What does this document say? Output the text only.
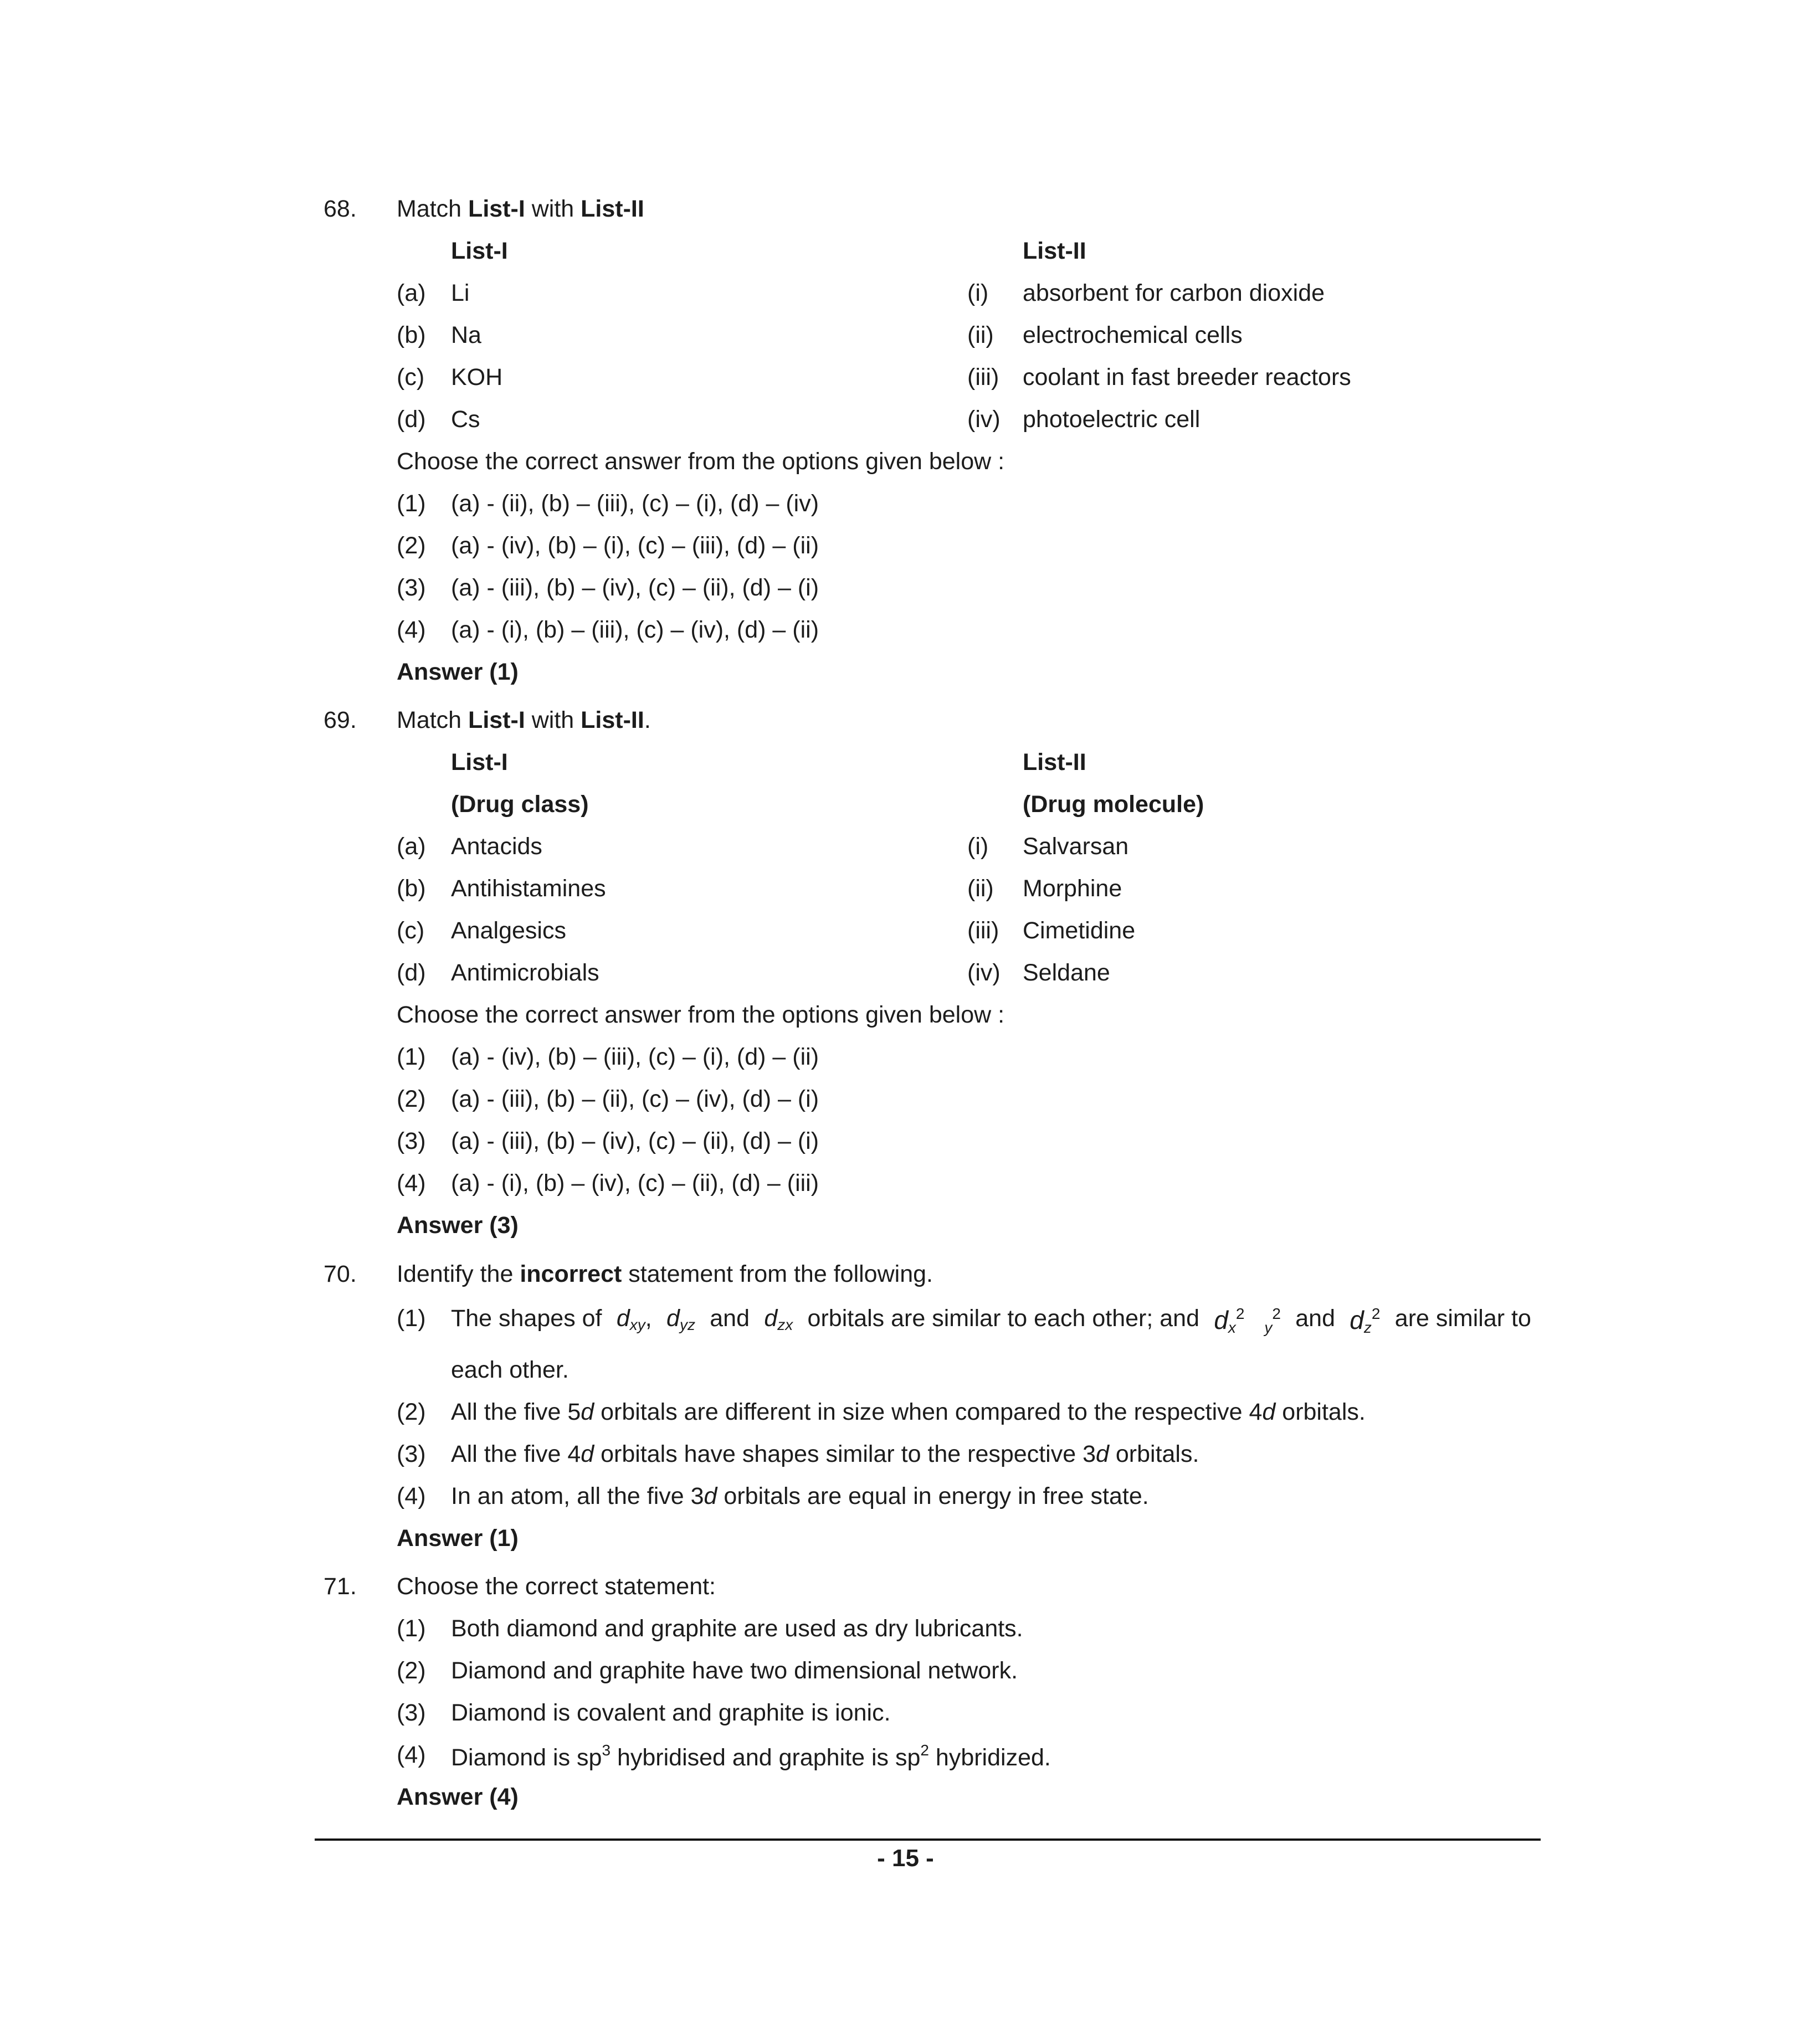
68. Match List-I with List-II
List-I	List-II
(a) Li	(i) absorbent for carbon dioxide
(b) Na	(ii) electrochemical cells
(c) KOH	(iii) coolant in fast breeder reactors
(d) Cs	(iv) photoelectric cell
Choose the correct answer from the options given below :
(1) (a) - (ii), (b) – (iii), (c) – (i), (d) – (iv)
(2) (a) - (iv), (b) – (i), (c) – (iii), (d) – (ii)
(3) (a) - (iii), (b) – (iv), (c) – (ii), (d) – (i)
(4) (a) - (i), (b) – (iii), (c) – (iv), (d) – (ii)
Answer (1)
69. Match List-I with List-II.
List-I	List-II
(Drug class)	(Drug molecule)
(a) Antacids	(i) Salvarsan
(b) Antihistamines	(ii) Morphine
(c) Analgesics	(iii) Cimetidine
(d) Antimicrobials	(iv) Seldane
Choose the correct answer from the options given below :
(1) (a) - (iv), (b) – (iii), (c) – (i), (d) – (ii)
(2) (a) - (iii), (b) – (ii), (c) – (iv), (d) – (i)
(3) (a) - (iii), (b) – (iv), (c) – (ii), (d) – (i)
(4) (a) - (i), (b) – (iv), (c) – (ii), (d) – (iii)
Answer (3)
70. Identify the incorrect statement from the following.
(1) The shapes of dxy, dyz and dzx orbitals are similar to each other; and $dx^2$   $y^2$ and $dz^2$ are similar to
each other.
(2) All the five 5d orbitals are different in size when compared to the respective 4d orbitals.
(3) All the five 4d orbitals have shapes similar to the respective 3d orbitals.
(4) In an atom, all the five 3d orbitals are equal in energy in free state.
Answer (1)
71. Choose the correct statement:
(1) Both diamond and graphite are used as dry lubricants.
(2) Diamond and graphite have two dimensional network.
(3) Diamond is covalent and graphite is ionic.
(4) Diamond is $sp^3$ hybridised and graphite is $sp^2$ hybridized.
Answer (4)
- 15 -
